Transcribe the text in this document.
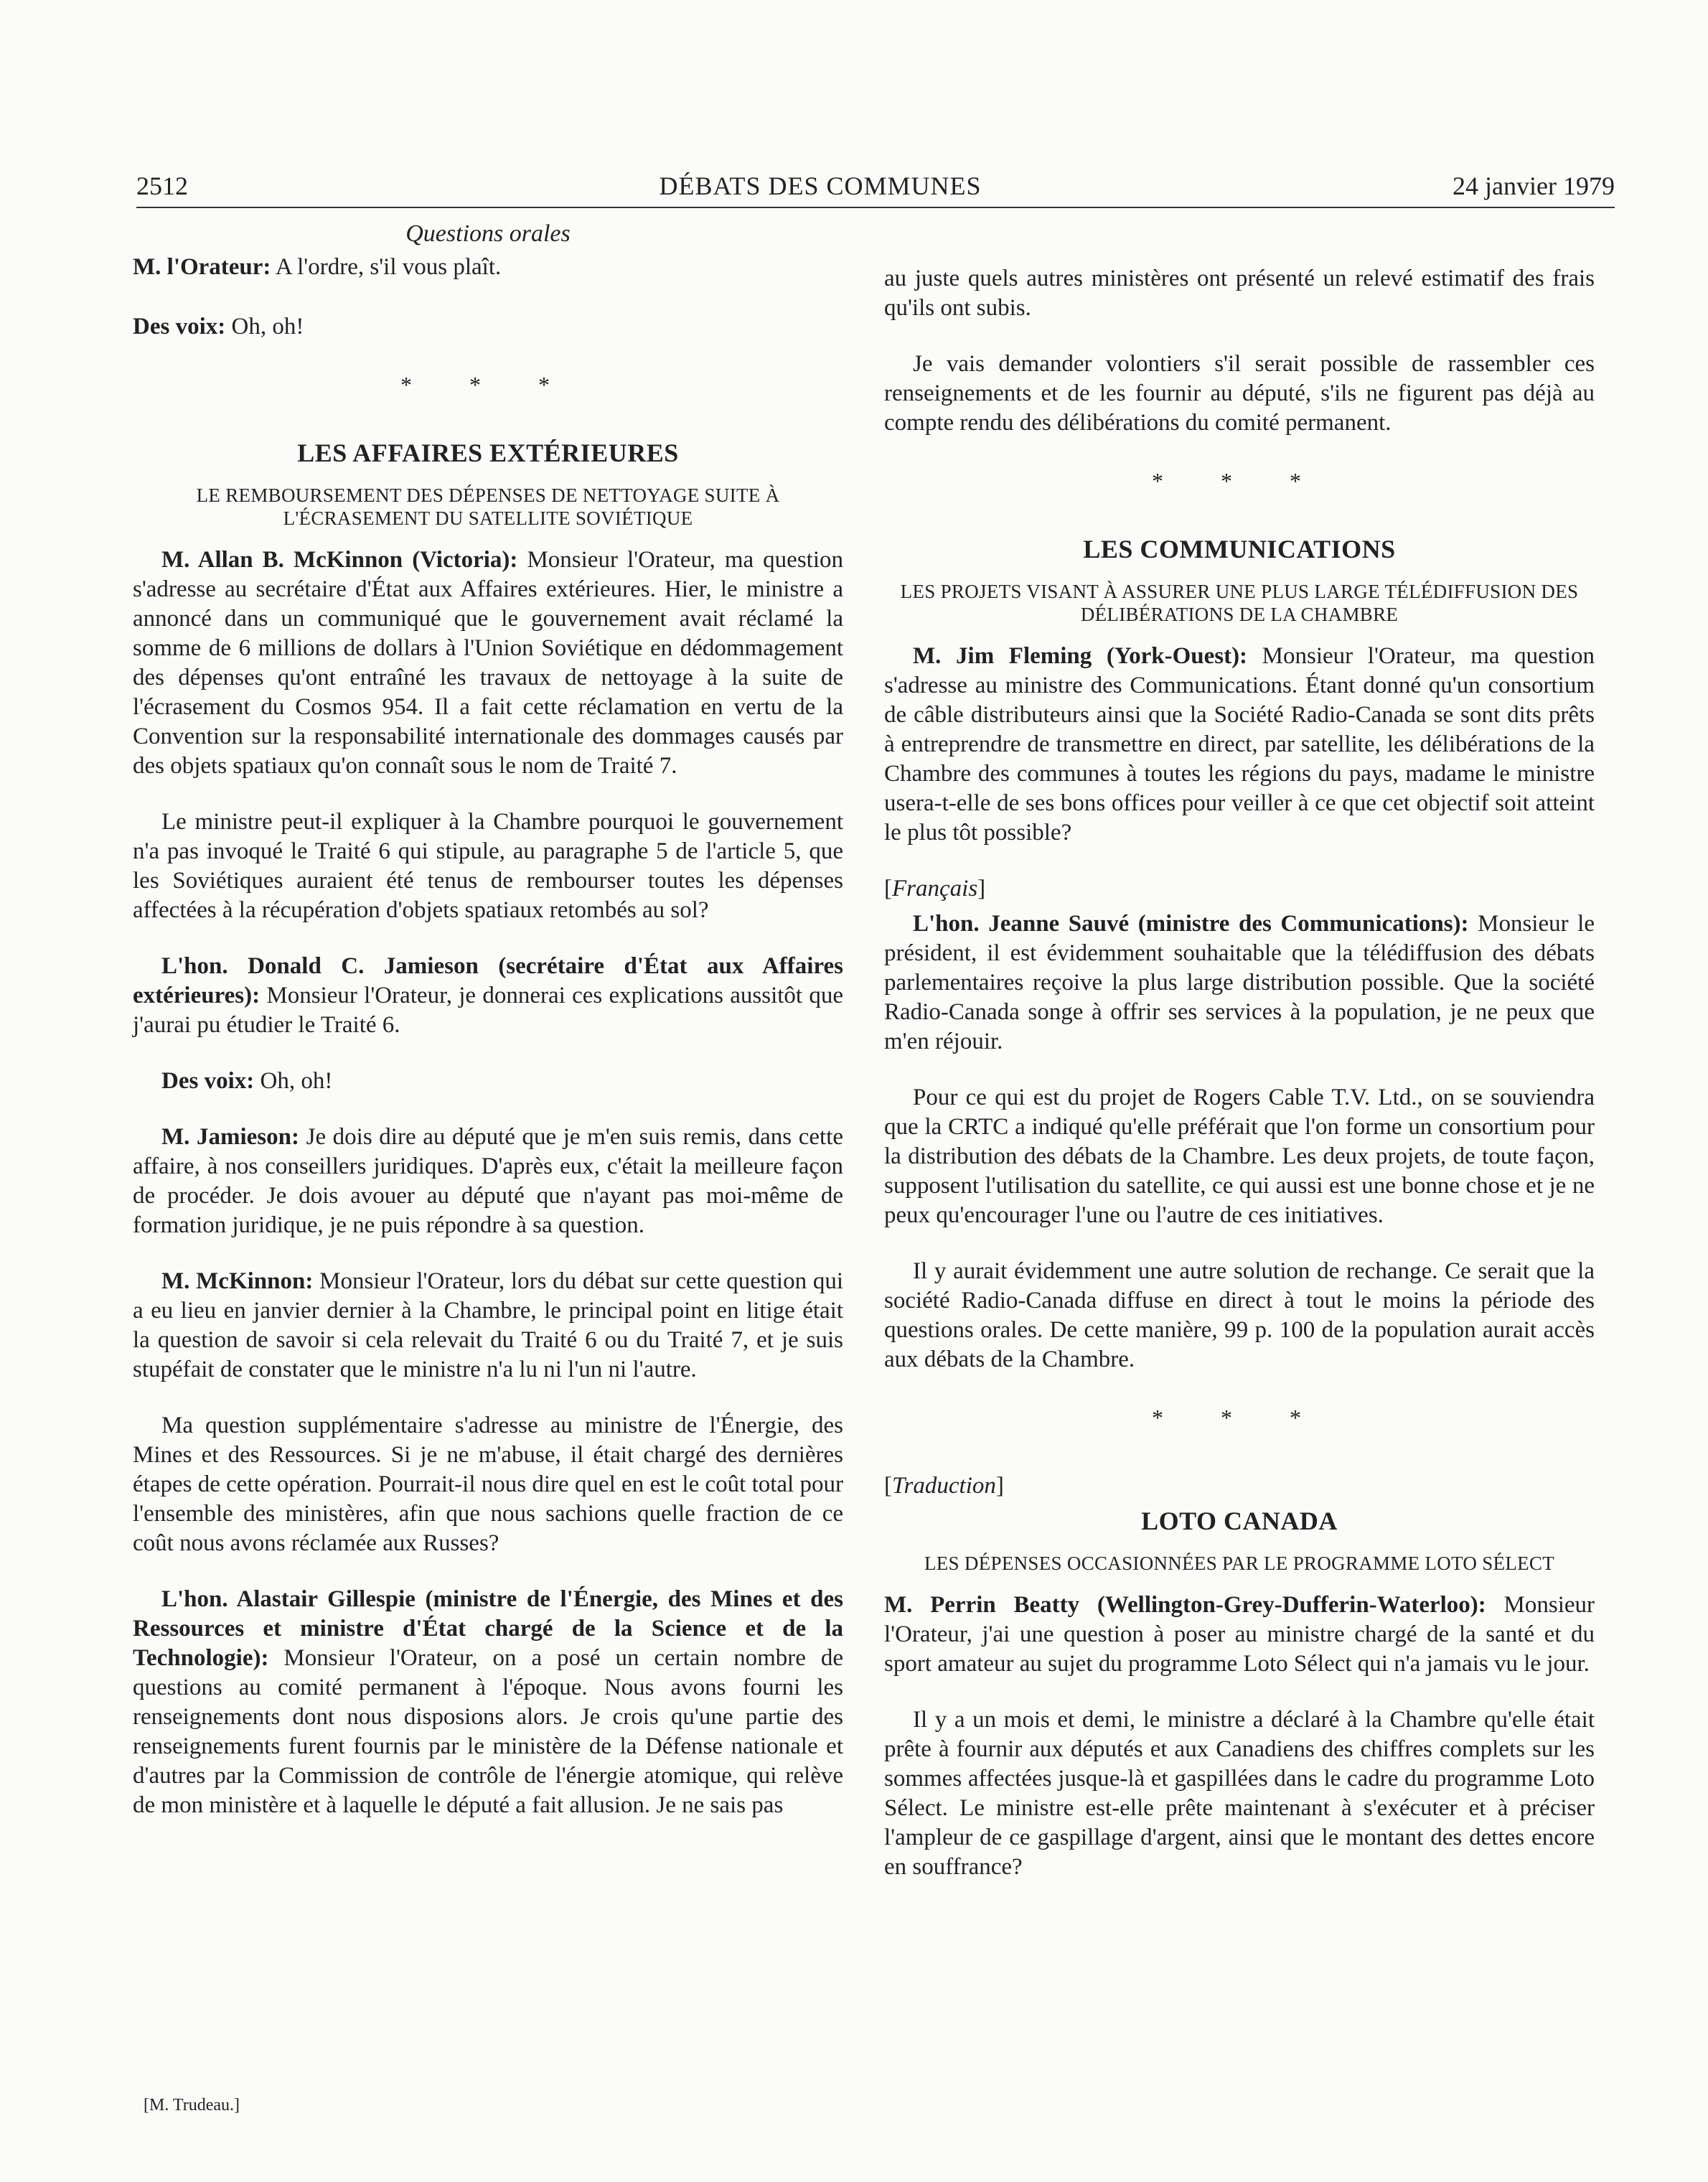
2512	DÉBATS DES COMMUNES	24 janvier 1979
Questions orales

M. l'Orateur: A l'ordre, s'il vous plaît.

Des voix: Oh, oh!

* * *
LES AFFAIRES EXTÉRIEURES
LE REMBOURSEMENT DES DÉPENSES DE NETTOYAGE SUITE À L'ÉCRASEMENT DU SATELLITE SOVIÉTIQUE

M. Allan B. McKinnon (Victoria): Monsieur l'Orateur, ma question s'adresse au secrétaire d'État aux Affaires extérieures. Hier, le ministre a annoncé dans un communiqué que le gouvernement avait réclamé la somme de 6 millions de dollars à l'Union Soviétique en dédommagement des dépenses qu'ont entraîné les travaux de nettoyage à la suite de l'écrasement du Cosmos 954. Il a fait cette réclamation en vertu de la Convention sur la responsabilité internationale des dommages causés par des objets spatiaux qu'on connaît sous le nom de Traité 7.

Le ministre peut-il expliquer à la Chambre pourquoi le gouvernement n'a pas invoqué le Traité 6 qui stipule, au paragraphe 5 de l'article 5, que les Soviétiques auraient été tenus de rembourser toutes les dépenses affectées à la récupération d'objets spatiaux retombés au sol?

L'hon. Donald C. Jamieson (secrétaire d'État aux Affaires extérieures): Monsieur l'Orateur, je donnerai ces explications aussitôt que j'aurai pu étudier le Traité 6.

Des voix: Oh, oh!

M. Jamieson: Je dois dire au député que je m'en suis remis, dans cette affaire, à nos conseillers juridiques. D'après eux, c'était la meilleure façon de procéder. Je dois avouer au député que n'ayant pas moi-même de formation juridique, je ne puis répondre à sa question.

M. McKinnon: Monsieur l'Orateur, lors du débat sur cette question qui a eu lieu en janvier dernier à la Chambre, le principal point en litige était la question de savoir si cela relevait du Traité 6 ou du Traité 7, et je suis stupéfait de constater que le ministre n'a lu ni l'un ni l'autre.

Ma question supplémentaire s'adresse au ministre de l'Énergie, des Mines et des Ressources. Si je ne m'abuse, il était chargé des dernières étapes de cette opération. Pourrait-il nous dire quel en est le coût total pour l'ensemble des ministères, afin que nous sachions quelle fraction de ce coût nous avons réclamée aux Russes?

L'hon. Alastair Gillespie (ministre de l'Énergie, des Mines et des Ressources et ministre d'État chargé de la Science et de la Technologie): Monsieur l'Orateur, on a posé un certain nombre de questions au comité permanent à l'époque. Nous avons fourni les renseignements dont nous disposions alors. Je crois qu'une partie des renseignements furent fournis par le ministère de la Défense nationale et d'autres par la Commission de contrôle de l'énergie atomique, qui relève de mon ministère et à laquelle le député a fait allusion. Je ne sais pas

au juste quels autres ministères ont présenté un relevé estimatif des frais qu'ils ont subis.

Je vais demander volontiers s'il serait possible de rassembler ces renseignements et de les fournir au député, s'ils ne figurent pas déjà au compte rendu des délibérations du comité permanent.

* * *
LES COMMUNICATIONS
LES PROJETS VISANT À ASSURER UNE PLUS LARGE TÉLÉDIFFUSION DES DÉLIBÉRATIONS DE LA CHAMBRE

M. Jim Fleming (York-Ouest): Monsieur l'Orateur, ma question s'adresse au ministre des Communications. Étant donné qu'un consortium de câble distributeurs ainsi que la Société Radio-Canada se sont dits prêts à entreprendre de transmettre en direct, par satellite, les délibérations de la Chambre des communes à toutes les régions du pays, madame le ministre usera-t-elle de ses bons offices pour veiller à ce que cet objectif soit atteint le plus tôt possible?

[Français]

L'hon. Jeanne Sauvé (ministre des Communications): Monsieur le président, il est évidemment souhaitable que la télédiffusion des débats parlementaires reçoive la plus large distribution possible. Que la société Radio-Canada songe à offrir ses services à la population, je ne peux que m'en réjouir.

Pour ce qui est du projet de Rogers Cable T.V. Ltd., on se souviendra que la CRTC a indiqué qu'elle préférait que l'on forme un consortium pour la distribution des débats de la Chambre. Les deux projets, de toute façon, supposent l'utilisation du satellite, ce qui aussi est une bonne chose et je ne peux qu'encourager l'une ou l'autre de ces initiatives.

Il y aurait évidemment une autre solution de rechange. Ce serait que la société Radio-Canada diffuse en direct à tout le moins la période des questions orales. De cette manière, 99 p. 100 de la population aurait accès aux débats de la Chambre.

* * *

[Traduction]

LOTO CANADA
LES DÉPENSES OCCASIONNÉES PAR LE PROGRAMME LOTO SÉLECT

M. Perrin Beatty (Wellington-Grey-Dufferin-Waterloo): Monsieur l'Orateur, j'ai une question à poser au ministre chargé de la santé et du sport amateur au sujet du programme Loto Sélect qui n'a jamais vu le jour.

Il y a un mois et demi, le ministre a déclaré à la Chambre qu'elle était prête à fournir aux députés et aux Canadiens des chiffres complets sur les sommes affectées jusque-là et gaspillées dans le cadre du programme Loto Sélect. Le ministre est-elle prête maintenant à s'exécuter et à préciser l'ampleur de ce gaspillage d'argent, ainsi que le montant des dettes encore en souffrance?

[M. Trudeau.]
